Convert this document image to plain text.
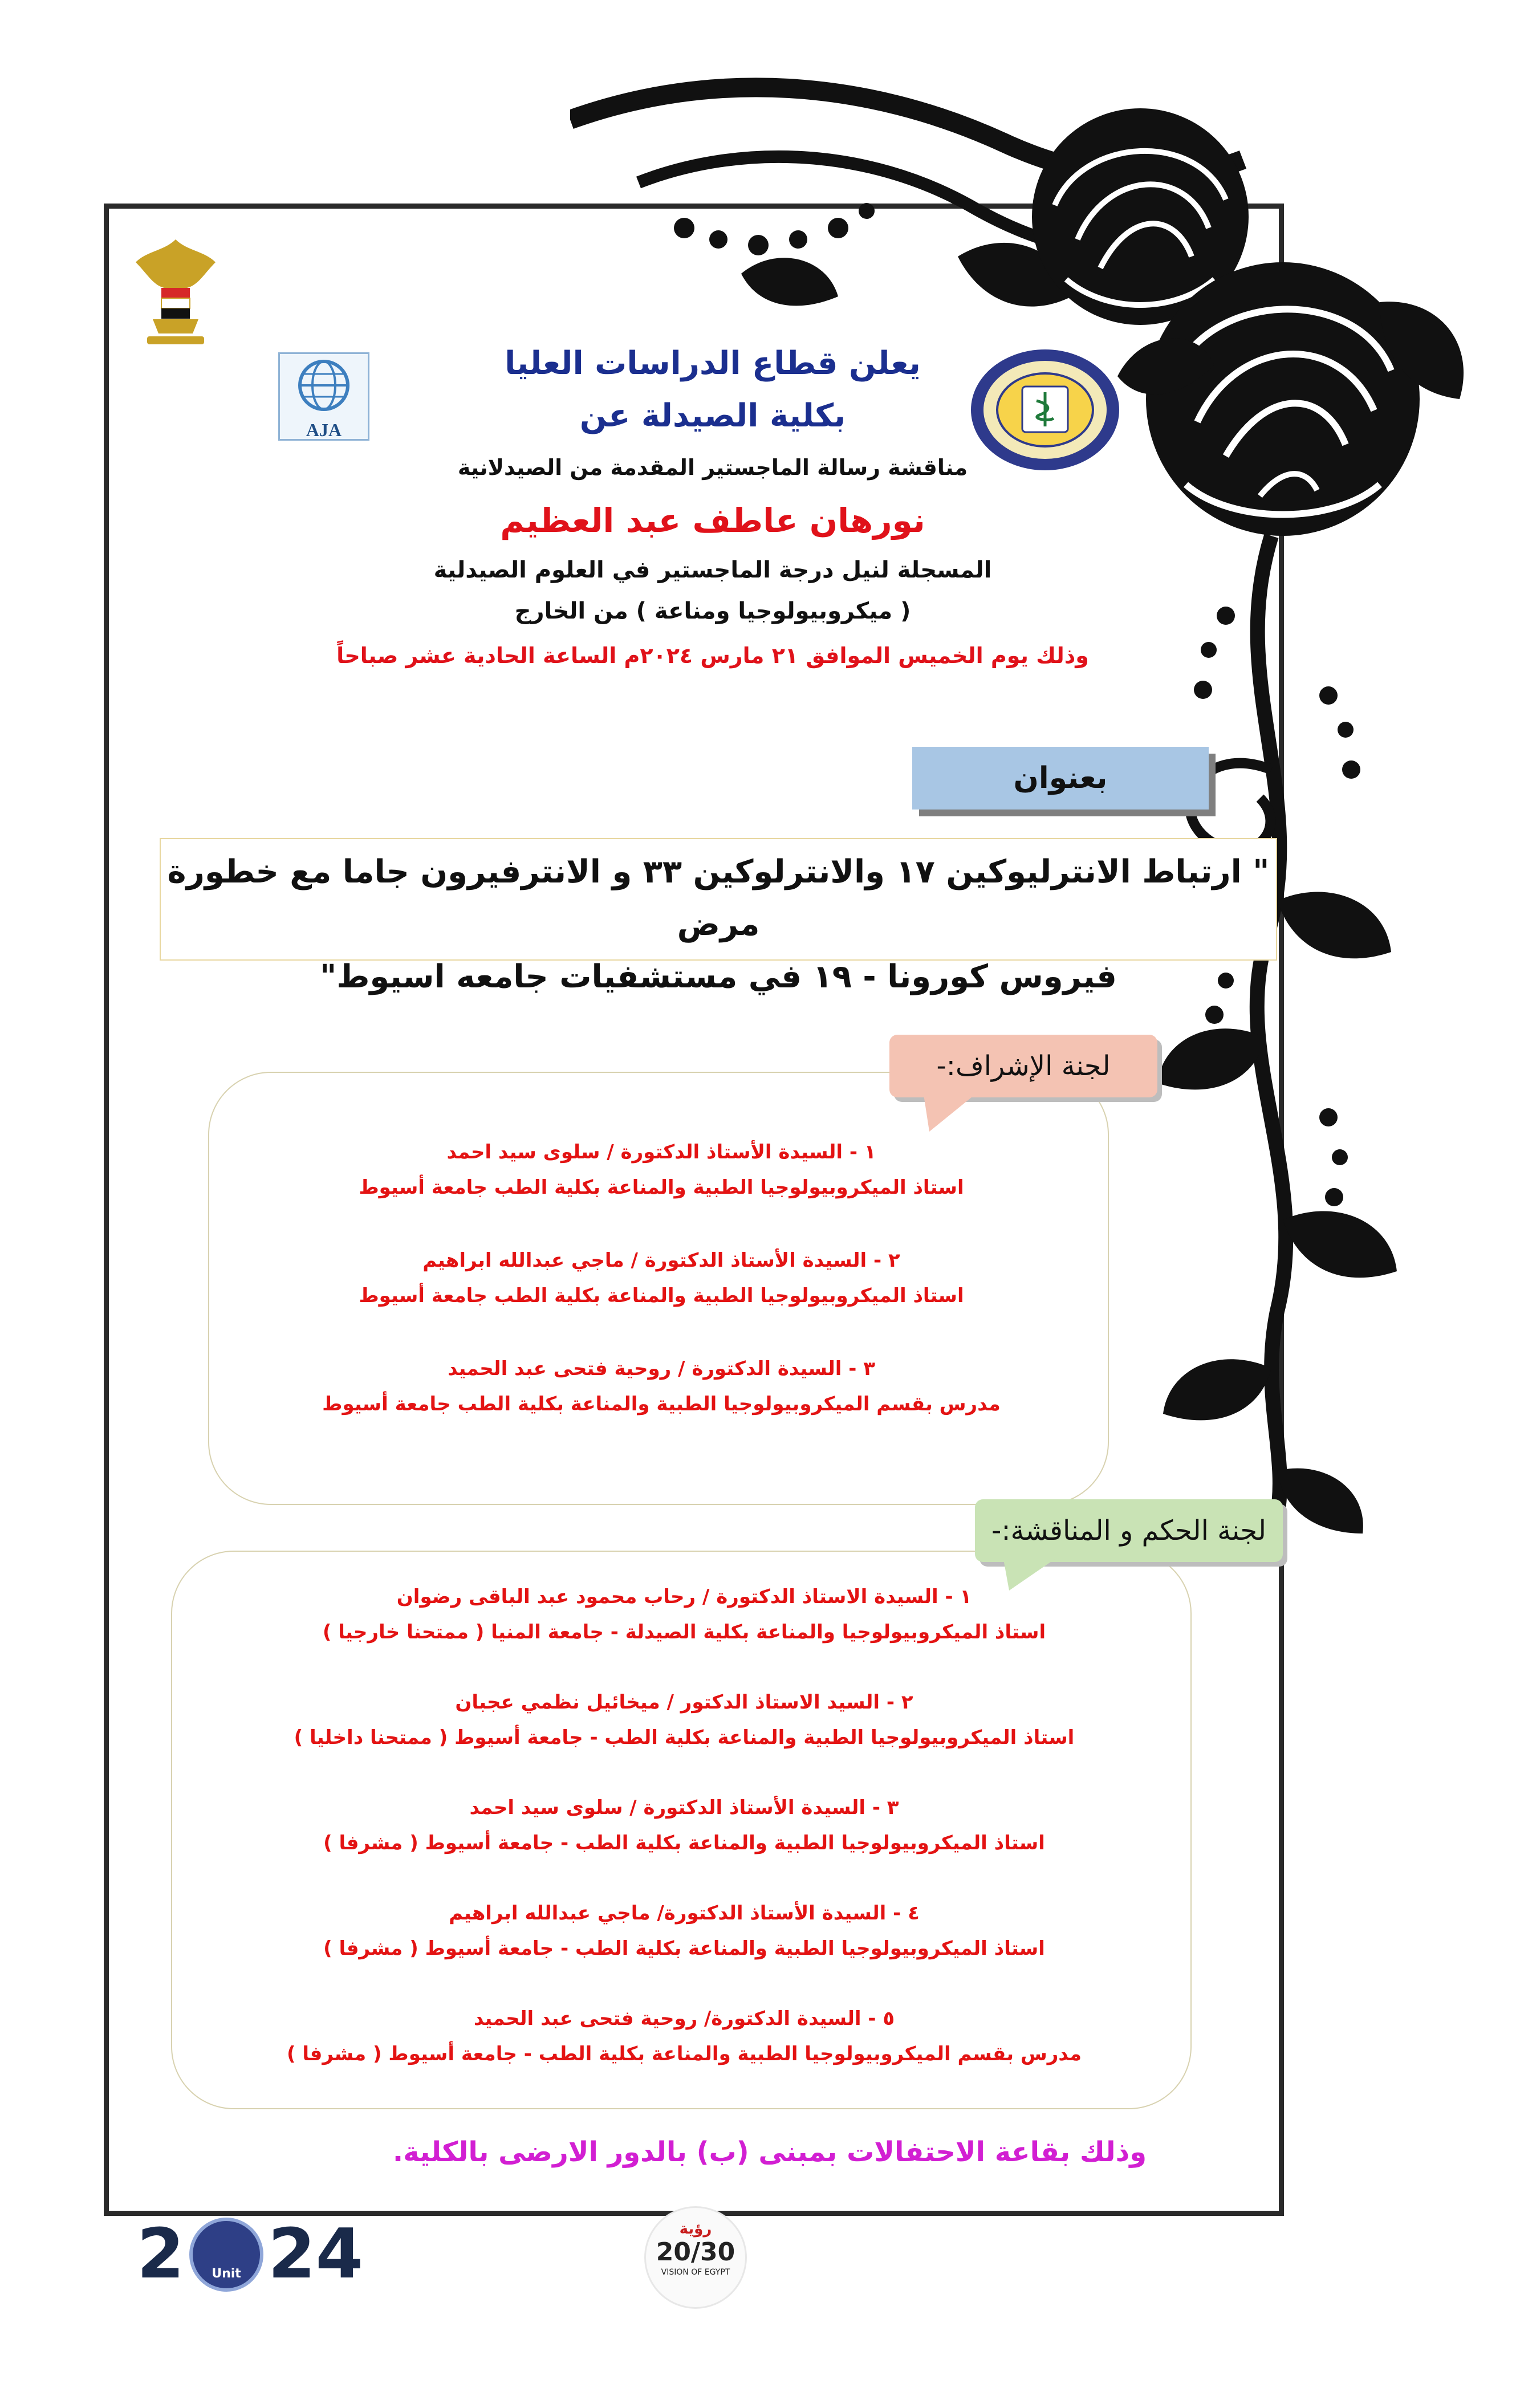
AJA
يعلن قطاع الدراسات العليا
بكلية الصيدلة عن
مناقشة رسالة الماجستير المقدمة من الصيدلانية
نورهان عاطف عبد العظيم
المسجلة لنيل درجة الماجستير في العلوم الصيدلية
( ميكروبيولوجيا ومناعة ) من الخارج
وذلك يوم الخميس الموافق ٢١ مارس ٢٠٢٤م الساعة الحادية عشر صباحاً
بعنوان

" ارتباط الانترليوكين ١٧ والانترلوكين ٣٣ و الانترفيرون جاما مع خطورة مرض

فيروس كورونا - ١٩ في مستشفيات جامعه اسيوط"

لجنة الإشراف:-
١ - السيدة الأستاذ الدكتورة / سلوى سيد احمد
استاذ الميكروبيولوجيا الطبية والمناعة بكلية الطب جامعة أسيوط
٢ - السيدة الأستاذ الدكتورة / ماجي عبدالله ابراهيم
استاذ الميكروبيولوجيا الطبية والمناعة بكلية الطب جامعة أسيوط
٣ - السيدة الدكتورة / روحية فتحى عبد الحميد
مدرس بقسم الميكروبيولوجيا الطبية والمناعة بكلية الطب جامعة أسيوط
لجنة الحكم و المناقشة:-
١ - السيدة الاستاذ الدكتورة / رحاب محمود عبد الباقى رضوان
استاذ الميكروبيولوجيا والمناعة بكلية الصيدلة - جامعة المنيا ( ممتحنا خارجيا )
٢ - السيد الاستاذ الدكتور / ميخائيل نظمي عجبان
استاذ الميكروبيولوجيا الطبية والمناعة بكلية الطب - جامعة أسيوط ( ممتحنا داخليا )
٣ - السيدة الأستاذ الدكتورة / سلوى سيد احمد
استاذ الميكروبيولوجيا الطبية والمناعة بكلية الطب - جامعة أسيوط ( مشرفا )
٤ - السيدة الأستاذ الدكتورة/ ماجي عبدالله ابراهيم
استاذ الميكروبيولوجيا الطبية والمناعة بكلية الطب - جامعة أسيوط ( مشرفا )
٥ - السيدة الدكتورة/ روحية فتحى عبد الحميد
مدرس بقسم الميكروبيولوجيا الطبية والمناعة بكلية الطب - جامعة أسيوط ( مشرفا )
وذلك بقاعة الاحتفالات بمبنى (ب) بالدور الارضى بالكلية.
2	Unit 24	رؤية
20/30
VISION OF EGYPT
